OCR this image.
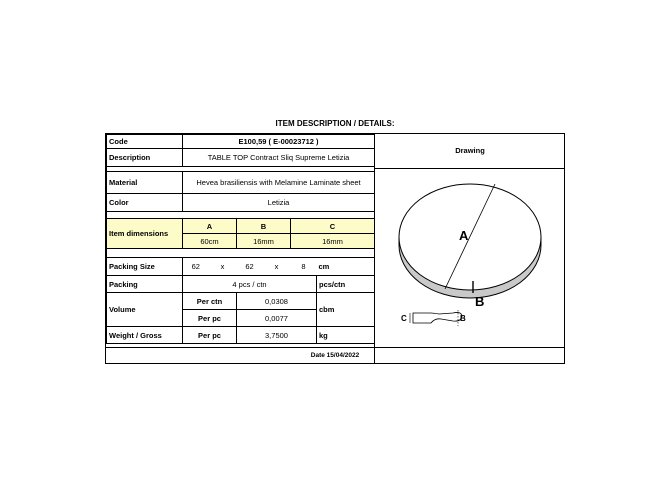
ITEM DESCRIPTION / DETAILS:
Code	E100,59 ( E-00023712 )					
Description	TABLE TOP Contract Sliq Supreme Letizia					

Material	Hevea brasiliensis with Melamine Laminate sheet					
Color	Letizia					

Item dimensions	A		B		C	
	60cm		16mm		16mm	

Packing Size	62	x	62	x	8	cm
Packing	4 pcs / ctn					pcs/ctn
Volume	Per ctn		0,0308			cbm
	Per pc		0,0077			
Weight / Gross	Per pc		3,7500			kg
Drawing
A
B
C	B
Date 15/04/2022
